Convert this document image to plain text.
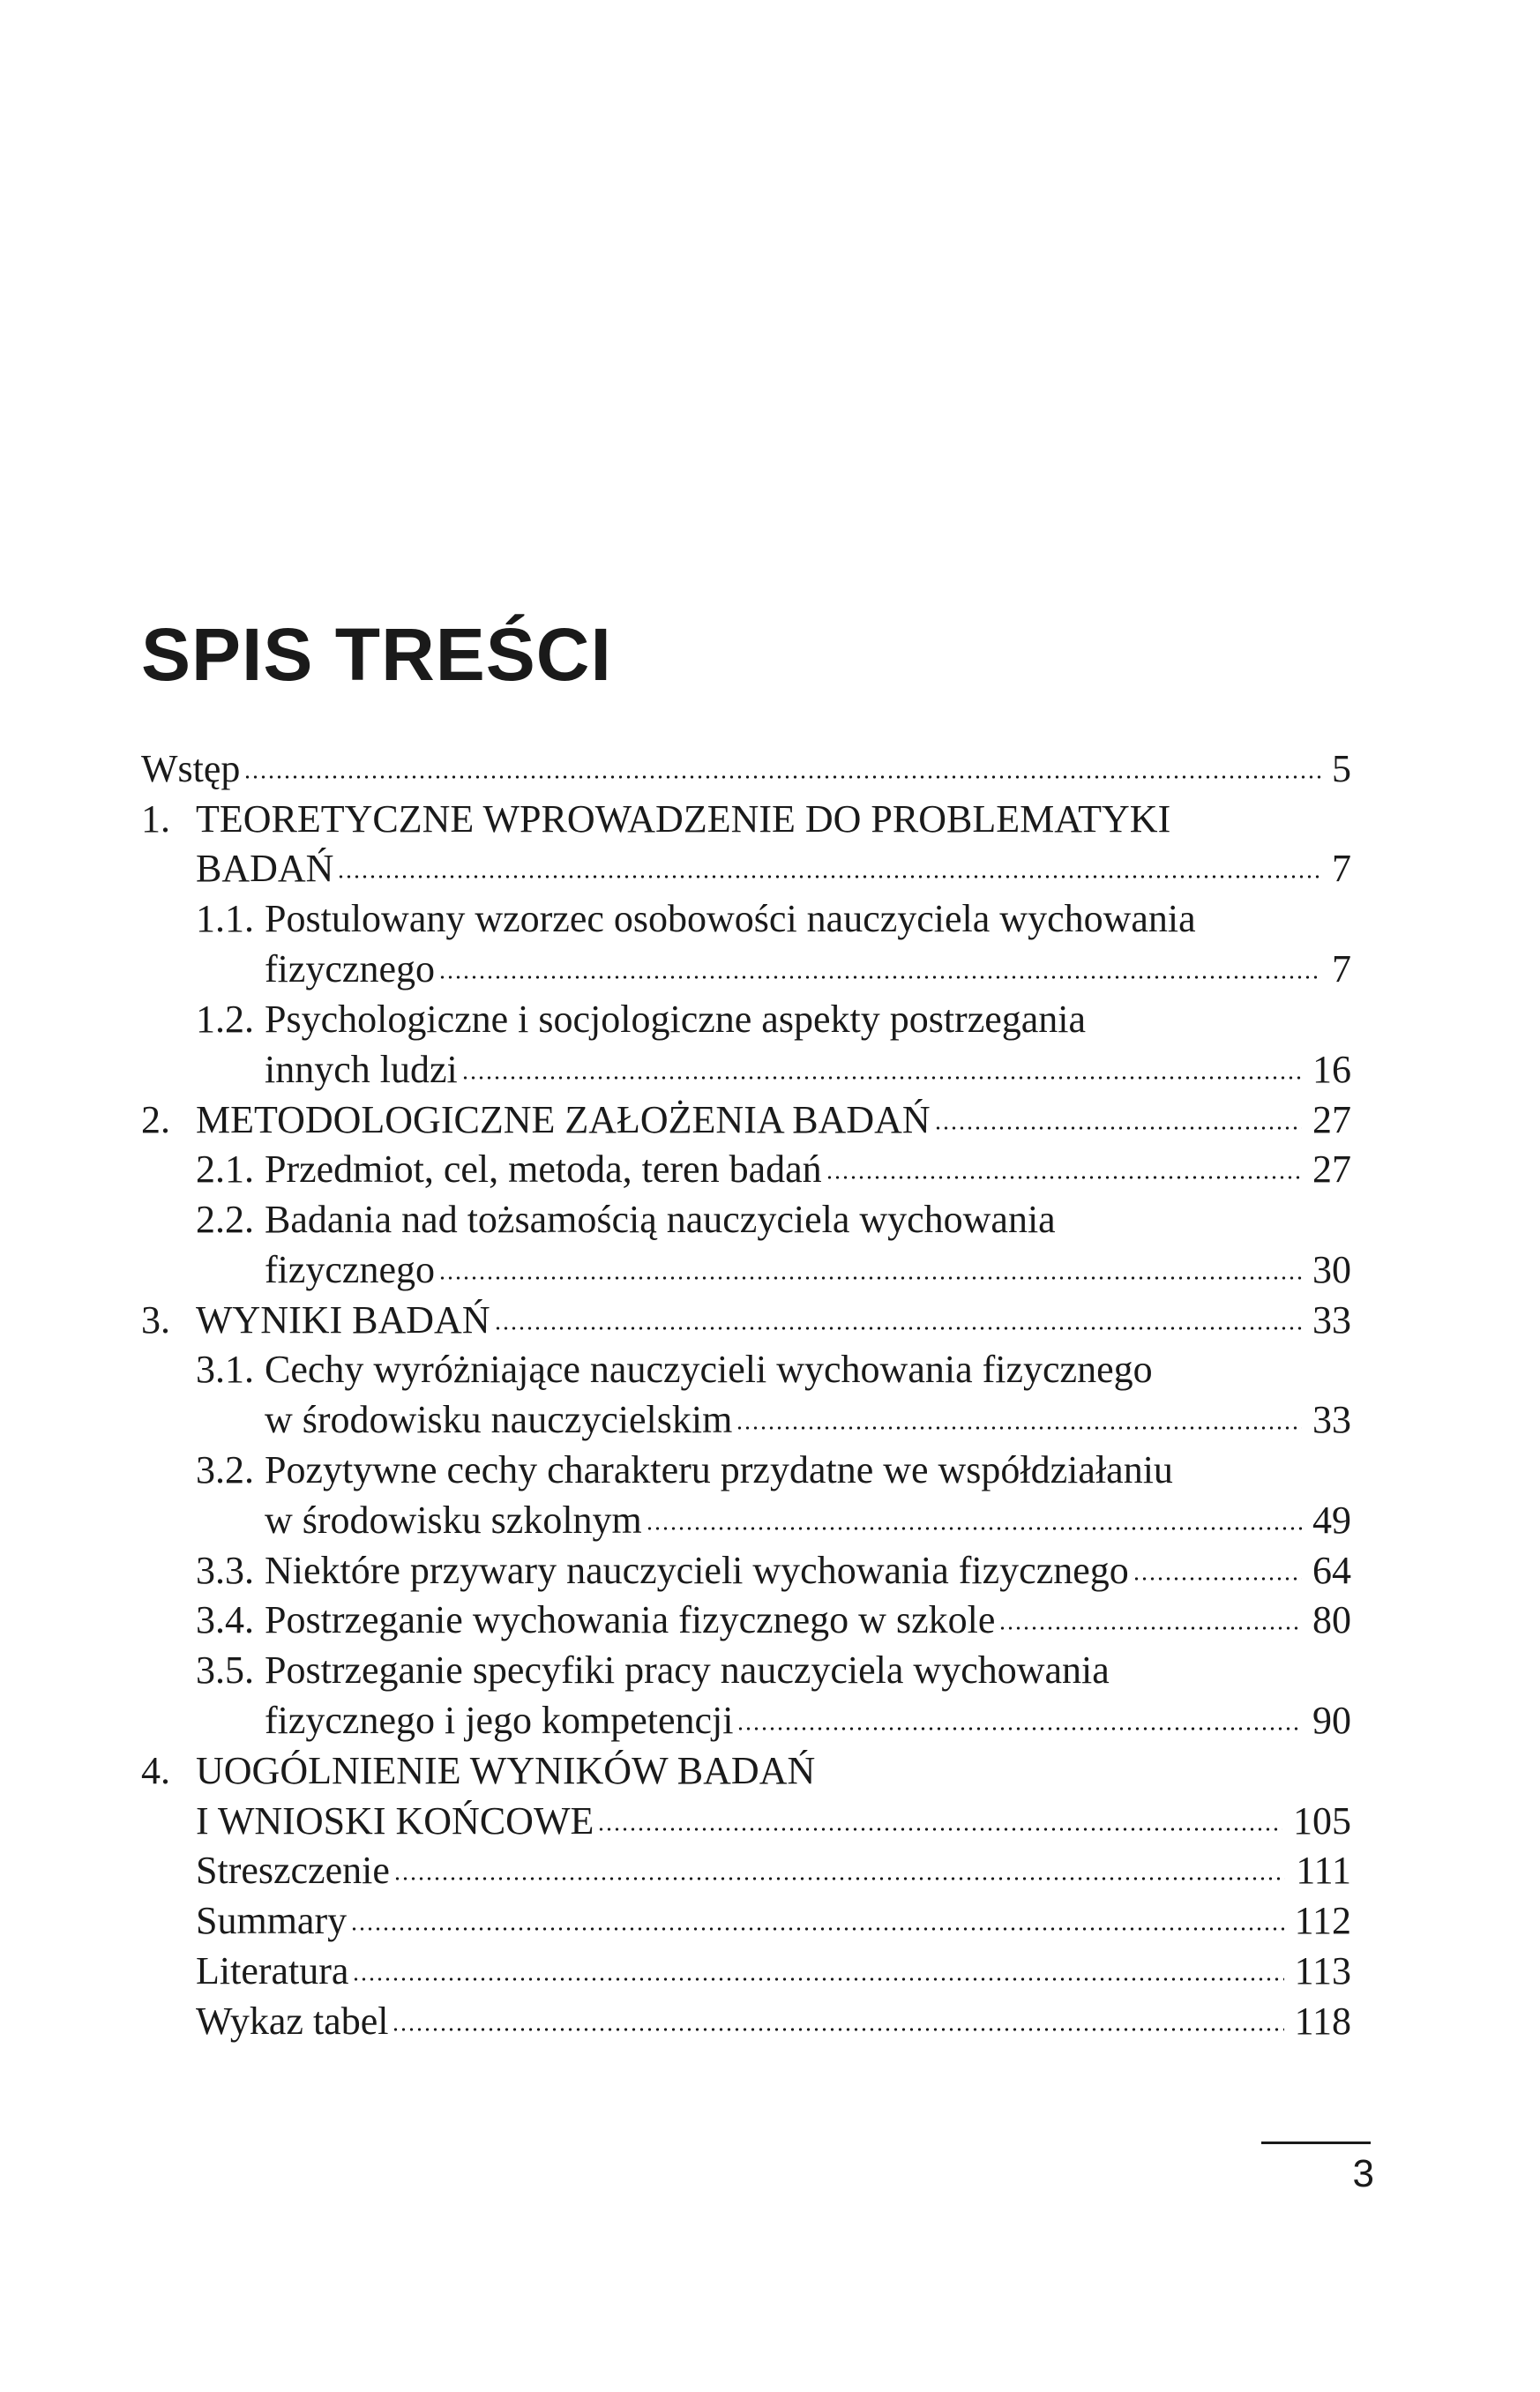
SPIS TREŚCI
Wstęp	5
1. TEORETYCZNE WPROWADZENIE DO PROBLEMATYKI
BADAŃ	7
1.1. Postulowany wzorzec osobowości nauczyciela wychowania
fizycznego	7
1.2. Psychologiczne i socjologiczne aspekty postrzegania
innych ludzi	16
2. METODOLOGICZNE ZAŁOŻENIA BADAŃ	27
2.1. Przedmiot, cel, metoda, teren badań	27
2.2. Badania nad tożsamością nauczyciela wychowania
fizycznego	30
3. WYNIKI BADAŃ	33
3.1. Cechy wyróżniające nauczycieli wychowania fizycznego
w środowisku nauczycielskim	33
3.2. Pozytywne cechy charakteru przydatne we współdziałaniu
w środowisku szkolnym	49
3.3. Niektóre przywary nauczycieli wychowania fizycznego	64
3.4. Postrzeganie wychowania fizycznego w szkole	80
3.5. Postrzeganie specyfiki pracy nauczyciela wychowania
fizycznego i jego kompetencji	90
4. UOGÓLNIENIE WYNIKÓW BADAŃ
I WNIOSKI KOŃCOWE	105
Streszczenie	111
Summary	112
Literatura	113
Wykaz tabel	118
3
